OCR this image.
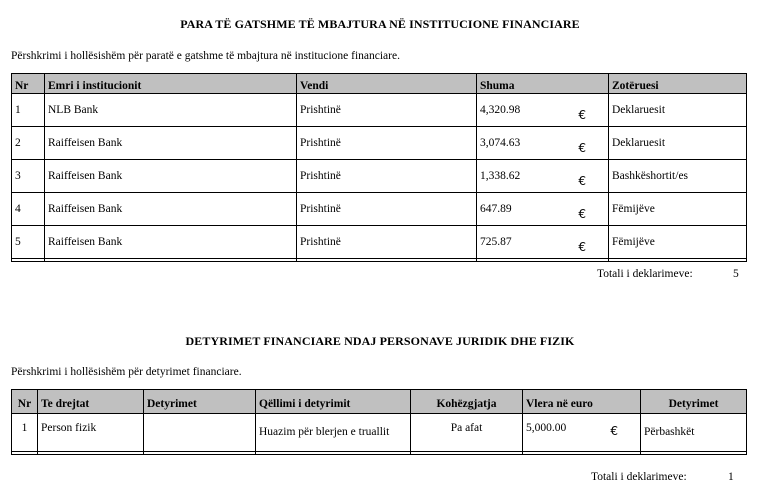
PARA TË GATSHME TË MBAJTURA NË INSTITUCIONE FINANCIARE
Përshkrimi i hollësishëm për paratë e gatshme të mbajtura në institucione financiare.
Nr	Emri i institucionit	Vendi	Shuma	Zotëruesi
1	NLB Bank	Prishtinë	4,320.98 €	Deklaruesit
2	Raiffeisen Bank	Prishtinë	3,074.63 €	Deklaruesit
3	Raiffeisen Bank	Prishtinë	1,338.62 €	Bashkëshortit/es
4	Raiffeisen Bank	Prishtinë	647.89 €	Fëmijëve
5	Raiffeisen Bank	Prishtinë	725.87 €	Fëmijëve

Totali i deklarimeve:	5
DETYRIMET FINANCIARE NDAJ PERSONAVE JURIDIK DHE FIZIK
Përshkrimi i hollësishëm për detyrimet financiare.
Nr	Te drejtat	Detyrimet	Qëllimi i detyrimit	Kohëzgjatja	Vlera në euro	Detyrimet
1	Person fizik		Huazim për blerjen e truallit	Pa afat	5,000.00 €	Përbashkët

Totali i deklarimeve:	1
